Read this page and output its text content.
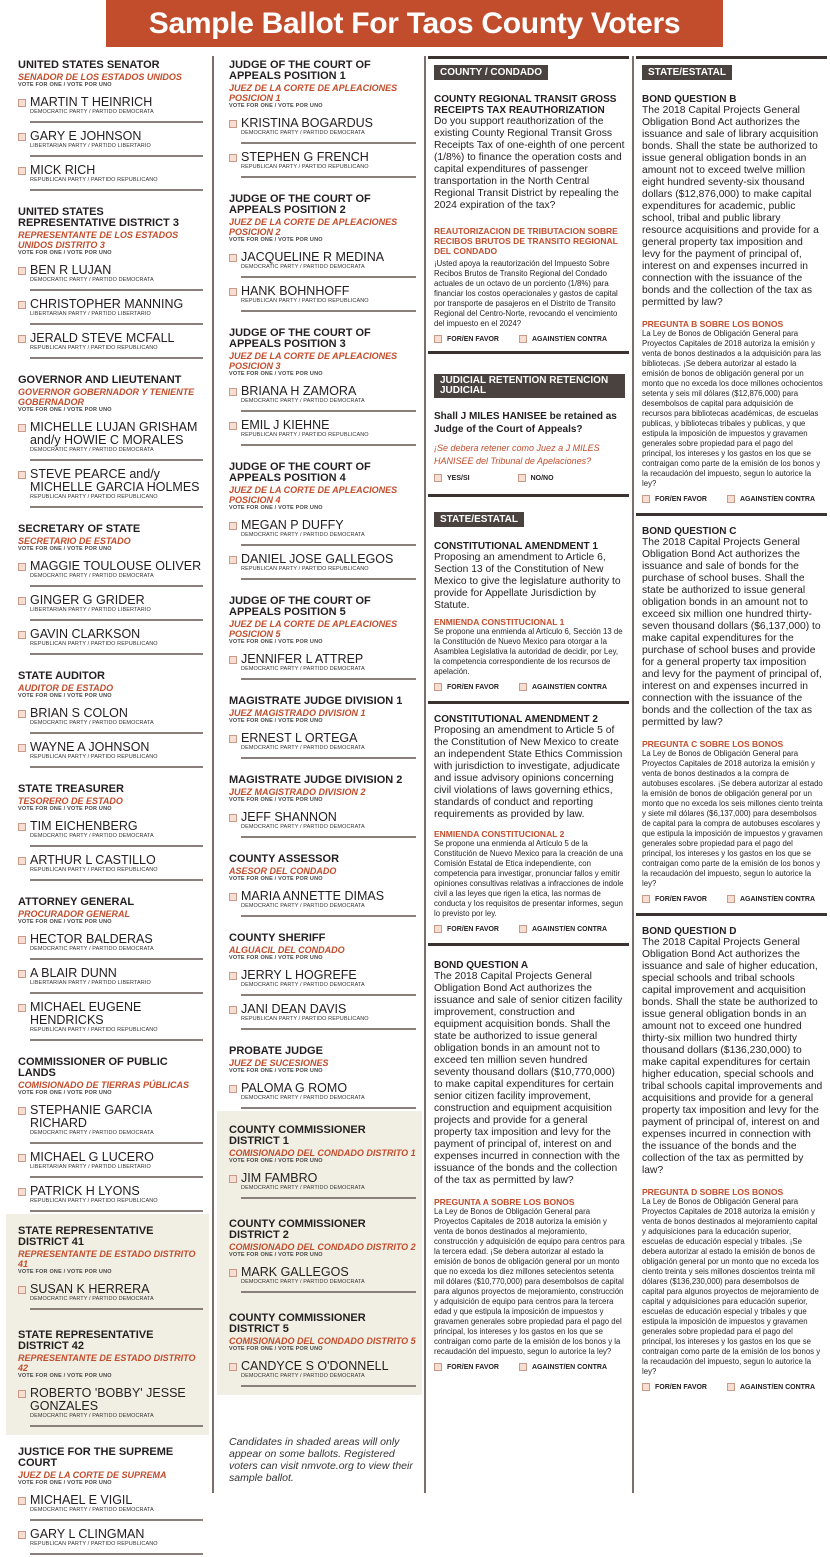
Sample Ballot For Taos County Voters
UNITED STATES SENATOR
SENADOR DE LOS ESTADOS UNIDOS
VOTE FOR ONE / VOTE POR UNO
MARTIN T HEINRICH
DEMOCRATIC PARTY / PARTIDO DEMOCRATA
GARY E JOHNSON
LIBERTARIAN PARTY / PARTIDO LIBERTARIO
MICK RICH
REPUBLICAN PARTY / PARTIDO REPUBLICANO
UNITED STATES REPRESENTATIVE DISTRICT 3
REPRESENTANTE DE LOS ESTADOS UNIDOS DISTRITO 3
VOTE FOR ONE / VOTE POR UNO
BEN R LUJAN
DEMOCRATIC PARTY / PARTIDO DEMOCRATA
CHRISTOPHER MANNING
LIBERTARIAN PARTY / PARTIDO LIBERTARIO
JERALD STEVE MCFALL
REPUBLICAN PARTY / PARTIDO REPUBLICANO
GOVERNOR AND LIEUTENANT
GOVERNOR GOBERNADOR Y TENIENTE GOBERNADOR
VOTE FOR ONE / VOTE POR UNO
MICHELLE LUJAN GRISHAM and/y HOWIE C MORALES
DEMOCRATIC PARTY / PARTIDO DEMOCRATA
STEVE PEARCE and/y MICHELLE GARCIA HOLMES
REPUBLICAN PARTY / PARTIDO REPUBLICANO
SECRETARY OF STATE
SECRETARIO DE ESTADO
VOTE FOR ONE / VOTE POR UNO
MAGGIE TOULOUSE OLIVER
DEMOCRATIC PARTY / PARTIDO DEMOCRATA
GINGER G GRIDER
LIBERTARIAN PARTY / PARTIDO LIBERTARIO
GAVIN CLARKSON
REPUBLICAN PARTY / PARTIDO REPUBLICANO
STATE AUDITOR
AUDITOR DE ESTADO
VOTE FOR ONE / VOTE POR UNO
BRIAN S COLON
DEMOCRATIC PARTY / PARTIDO DEMOCRATA
WAYNE A JOHNSON
REPUBLICAN PARTY / PARTIDO REPUBLICANO
STATE TREASURER
TESORERO DE ESTADO
VOTE FOR ONE / VOTE POR UNO
TIM EICHENBERG
DEMOCRATIC PARTY / PARTIDO DEMOCRATA
ARTHUR L CASTILLO
REPUBLICAN PARTY / PARTIDO REPUBLICANO
ATTORNEY GENERAL
PROCURADOR GENERAL
VOTE FOR ONE / VOTE POR UNO
HECTOR BALDERAS
DEMOCRATIC PARTY / PARTIDO DEMOCRATA
A BLAIR DUNN
LIBERTARIAN PARTY / PARTIDO LIBERTARIO
MICHAEL EUGENE HENDRICKS
REPUBLICAN PARTY / PARTIDO REPUBLICANO
COMMISSIONER OF PUBLIC LANDS
COMISIONADO DE TIERRAS PÚBLICAS
VOTE FOR ONE / VOTE POR UNO
STEPHANIE GARCIA RICHARD
DEMOCRATIC PARTY / PARTIDO DEMOCRATA
MICHAEL G LUCERO
LIBERTARIAN PARTY / PARTIDO LIBERTARIO
PATRICK H LYONS
REPUBLICAN PARTY / PARTIDO REPUBLICANO
STATE REPRESENTATIVE DISTRICT 41
REPRESENTANTE DE ESTADO DISTRITO 41
VOTE FOR ONE / VOTE POR UNO
SUSAN K HERRERA
DEMOCRATIC PARTY / PARTIDO DEMOCRATA
STATE REPRESENTATIVE DISTRICT 42
REPRESENTANTE DE ESTADO DISTRITO 42
VOTE FOR ONE / VOTE POR UNO
ROBERTO 'BOBBY' JESSE GONZALES
DEMOCRATIC PARTY / PARTIDO DEMOCRATA
JUSTICE FOR THE SUPREME COURT
JUEZ DE LA CORTE DE SUPREMA
VOTE FOR ONE / VOTE POR UNO
MICHAEL E VIGIL
DEMOCRATIC PARTY / PARTIDO DEMOCRATA
GARY L CLINGMAN
REPUBLICAN PARTY / PARTIDO REPUBLICANO
JUDGE OF THE COURT OF APPEALS POSITION 1
JUEZ DE LA CORTE DE APLEACIONES POSICION 1
VOTE FOR ONE / VOTE POR UNO
KRISTINA BOGARDUS
DEMOCRATIC PARTY / PARTIDO DEMOCRATA
STEPHEN G FRENCH
REPUBLICAN PARTY / PARTIDO REPUBLICANO
JUDGE OF THE COURT OF APPEALS POSITION 2
JUEZ DE LA CORTE DE APLEACIONES POSICION 2
VOTE FOR ONE / VOTE POR UNO
JACQUELINE R MEDINA
DEMOCRATIC PARTY / PARTIDO DEMOCRATA
HANK BOHNHOFF
REPUBLICAN PARTY / PARTIDO REPUBLICANO
JUDGE OF THE COURT OF APPEALS POSITION 3
JUEZ DE LA CORTE DE APLEACIONES POSICION 3
VOTE FOR ONE / VOTE POR UNO
BRIANA H ZAMORA
DEMOCRATIC PARTY / PARTIDO DEMOCRATA
EMIL J KIEHNE
REPUBLICAN PARTY / PARTIDO REPUBLICANO
JUDGE OF THE COURT OF APPEALS POSITION 4
JUEZ DE LA CORTE DE APLEACIONES POSICION 4
VOTE FOR ONE / VOTE POR UNO
MEGAN P DUFFY
DEMOCRATIC PARTY / PARTIDO DEMOCRATA
DANIEL JOSE GALLEGOS
REPUBLICAN PARTY / PARTIDO REPUBLICANO
JUDGE OF THE COURT OF APPEALS POSITION 5
JUEZ DE LA CORTE DE APLEACIONES POSICION 5
VOTE FOR ONE / VOTE POR UNO
JENNIFER L ATTREP
DEMOCRATIC PARTY / PARTIDO DEMOCRATA
MAGISTRATE JUDGE DIVISION 1
JUEZ MAGISTRADO DIVISION 1
VOTE FOR ONE / VOTE POR UNO
ERNEST L ORTEGA
DEMOCRATIC PARTY / PARTIDO DEMOCRATA
MAGISTRATE JUDGE DIVISION 2
JUEZ MAGISTRADO DIVISION 2
VOTE FOR ONE / VOTE POR UNO
JEFF SHANNON
DEMOCRATIC PARTY / PARTIDO DEMOCRATA
COUNTY ASSESSOR
ASESOR DEL CONDADO
VOTE FOR ONE / VOTE POR UNO
MARIA ANNETTE DIMAS
DEMOCRATIC PARTY / PARTIDO DEMOCRATA
COUNTY SHERIFF
ALGUACIL DEL CONDADO
VOTE FOR ONE / VOTE POR UNO
JERRY L HOGREFE
DEMOCRATIC PARTY / PARTIDO DEMOCRATA
JANI DEAN DAVIS
REPUBLICAN PARTY / PARTIDO REPUBLICANO
PROBATE JUDGE
JUEZ DE SUCESIONES
VOTE FOR ONE / VOTE POR UNO
PALOMA G ROMO
DEMOCRATIC PARTY / PARTIDO DEMOCRATA
COUNTY COMMISSIONER DISTRICT 1
COMISIONADO DEL CONDADO DISTRITO 1
VOTE FOR ONE / VOTE POR UNO
JIM FAMBRO
DEMOCRATIC PARTY / PARTIDO DEMOCRATA
COUNTY COMMISSIONER DISTRICT 2
COMISIONADO DEL CONDADO DISTRITO 2
VOTE FOR ONE / VOTE POR UNO
MARK GALLEGOS
DEMOCRATIC PARTY / PARTIDO DEMOCRATA
COUNTY COMMISSIONER DISTRICT 5
COMISIONADO DEL CONDADO DISTRITO 5
VOTE FOR ONE / VOTE POR UNO
CANDYCE S O'DONNELL
DEMOCRATIC PARTY / PARTIDO DEMOCRATA

Candidates in shaded areas will only appear on some ballots. Registered voters can visit nmvote.org to view their sample ballot.

COUNTY / CONDADO
COUNTY REGIONAL TRANSIT GROSS RECEIPTS TAX REAUTHORIZATION
Do you support reauthorization of the existing County Regional Transit Gross Receipts Tax of one-eighth of one percent (1/8%) to finance the operation costs and capital expenditures of passenger transportation in the North Central Regional Transit District by repealing the 2024 expiration of the tax?
REAUTORIZACION DE TRIBUTACION SOBRE RECIBOS BRUTOS DE TRANSITO REGIONAL DEL CONDADO
¡Usted apoya la reautorización del Impuesto Sobre Recibos Brutos de Transito Regional del Condado actuales de un octavo de un porciento (1/8%) para financiar los costos operacionales y gastos de capital por transporte de pasajeros en el Distrito de Transito Regional del Centro-Norte, revocando el vencimiento del impuesto en el 2024?
FOR/EN FAVOR	AGAINST/EN CONTRA
JUDICIAL RETENTION RETENCION JUDICIAL
Shall J MILES HANISEE be retained as Judge of the Court of Appeals?
¡Se debera retener como Juez a J MILES HANISEE del Tribunal de Apelaciones?
YES/SI	NO/NO
STATE/ESTATAL
CONSTITUTIONAL AMENDMENT 1
Proposing an amendment to Article 6, Section 13 of the Constitution of New Mexico to give the legislature authority to provide for Appellate Jurisdiction by Statute.
ENMIENDA CONSTITUCIONAL 1
Se propone una enmienda al Artículo 6, Sección 13 de la Constitución de Nuevo Mexico para otorgar a la Asamblea Legislativa la autoridad de decidir, por Ley, la competencia correspondiente de los recursos de apelación.
FOR/EN FAVOR	AGAINST/EN CONTRA
CONSTITUTIONAL AMENDMENT 2
Proposing an amendment to Article 5 of the Constitution of New Mexico to create an independent State Ethics Commission with jurisdiction to investigate, adjudicate and issue advisory opinions concerning civil violations of laws governing ethics, standards of conduct and reporting requirements as provided by law.
ENMIENDA CONSTITUCIONAL 2
Se propone una enmienda al Artículo 5 de la Constitución de Nuevo Mexico para la creación de una Comisión Estatal de Etica independiente, con competencia para investigar, pronunciar fallos y emitir opiniones consultivas relativas a infracciones de indole civil a las leyes que rigen la etica, las normas de conducta y los requisitos de presentar informes, segun lo previsto por ley.
FOR/EN FAVOR	AGAINST/EN CONTRA
BOND QUESTION A
The 2018 Capital Projects General Obligation Bond Act authorizes the issuance and sale of senior citizen facility improvement, construction and equipment acquisition bonds. Shall the state be authorized to issue general obligation bonds in an amount not to exceed ten million seven hundred seventy thousand dollars ($10,770,000) to make capital expenditures for certain senior citizen facility improvement, construction and equipment acquisition projects and provide for a general property tax imposition and levy for the payment of principal of, interest on and expenses incurred in connection with the issuance of the bonds and the collection of the tax as permitted by law?
PREGUNTA A SOBRE LOS BONOS
La Ley de Bonos de Obligación General para Proyectos Capitales de 2018 autoriza la emisión y venta de bonos destinados al mejoramiento, construcción y adquisición de equipo para centros para la tercera edad. ¡Se debera autorizar al estado la emisión de bonos de obligación general por un monto que no exceda los diez millones setecientos setenta mil dólares ($10,770,000) para desembolsos de capital para algunos proyectos de mejoramiento, construcción y adquisición de equipo para centros para la tercera edad y que estipula la imposición de impuestos y gravamen generales sobre propiedad para el pago del principal, los intereses y los gastos en los que se contraigan como parte de la emisión de los bonos y la recaudación del impuesto, segun lo autorice la ley?
FOR/EN FAVOR	AGAINST/EN CONTRA
STATE/ESTATAL
BOND QUESTION B
The 2018 Capital Projects General Obligation Bond Act authorizes the issuance and sale of library acquisition bonds. Shall the state be authorized to issue general obligation bonds in an amount not to exceed twelve million eight hundred seventy-six thousand dollars ($12,876,000) to make capital expenditures for academic, public school, tribal and public library resource acquisitions and provide for a general property tax imposition and levy for the payment of principal of, interest on and expenses incurred in connection with the issuance of the bonds and the collection of the tax as permitted by law?
PREGUNTA B SOBRE LOS BONOS
La Ley de Bonos de Obligación General para Proyectos Capitales de 2018 autoriza la emisión y venta de bonos destinados a la adquisición para las bibliotecas. ¡Se debera autorizar al estado la emisión de bonos de obligación general por un monto que no exceda los doce millones ochocientos setenta y seis mil dólares ($12,876,000) para desembolsos de capital para adquisición de recursos para bibliotecas académicas, de escuelas publicas, y bibliotecas tribales y publicas, y que estipula la imposición de impuestos y gravamen generales sobre propiedad para el pago del principal, los intereses y los gastos en los que se contraigan como parte de la emisión de los bonos y la recaudación del impuesto, segun lo autorice la ley?
FOR/EN FAVOR	AGAINST/EN CONTRA
BOND QUESTION C
The 2018 Capital Projects General Obligation Bond Act authorizes the issuance and sale of bonds for the purchase of school buses. Shall the state be authorized to issue general obligation bonds in an amount not to exceed six million one hundred thirty-seven thousand dollars ($6,137,000) to make capital expenditures for the purchase of school buses and provide for a general property tax imposition and levy for the payment of principal of, interest on and expenses incurred in connection with the issuance of the bonds and the collection of the tax as permitted by law?
PREGUNTA C SOBRE LOS BONOS
La Ley de Bonos de Obligación General para Proyectos Capitales de 2018 autoriza la emisión y venta de bonos destinados a la compra de autobuses escolares. ¡Se debera autorizar al estado la emisión de bonos de obligación general por un monto que no exceda los seis millones ciento treinta y siete mil dólares ($6,137,000) para desembolsos de capital para la compra de autobuses escolares y que estipula la imposición de impuestos y gravamen generales sobre propiedad para el pago del principal, los intereses y los gastos en los que se contraigan como parte de la emisión de los bonos y la recaudación del impuesto, segun lo autorice la ley?
FOR/EN FAVOR	AGAINST/EN CONTRA
BOND QUESTION D
The 2018 Capital Projects General Obligation Bond Act authorizes the issuance and sale of higher education, special schools and tribal schools capital improvement and acquisition bonds. Shall the state be authorized to issue general obligation bonds in an amount not to exceed one hundred thirty-six million two hundred thirty thousand dollars ($136,230,000) to make capital expenditures for certain higher education, special schools and tribal schools capital improvements and acquisitions and provide for a general property tax imposition and levy for the payment of principal of, interest on and expenses incurred in connection with the issuance of the bonds and the collection of the tax as permitted by law?
PREGUNTA D SOBRE LOS BONOS
La Ley de Bonos de Obligación General para Proyectos Capitales de 2018 autoriza la emisión y venta de bonos destinados al mejoramiento capital y adquisiciones para la educación superior, escuelas de educación especial y tribales. ¡Se debera autorizar al estado la emisión de bonos de obligación general por un monto que no exceda los ciento treinta y seis millones doscientos treinta mil dólares ($136,230,000) para desembolsos de capital para algunos proyectos de mejoramiento de capital y adquisiciones para educación superior, escuelas de educación especial y tribales y que estipula la imposición de impuestos y gravamen generales sobre propiedad para el pago del principal, los intereses y los gastos en los que se contraigan como parte de la emisión de los bonos y la recaudación del impuesto, segun lo autorice la ley?
FOR/EN FAVOR	AGAINST/EN CONTRA
